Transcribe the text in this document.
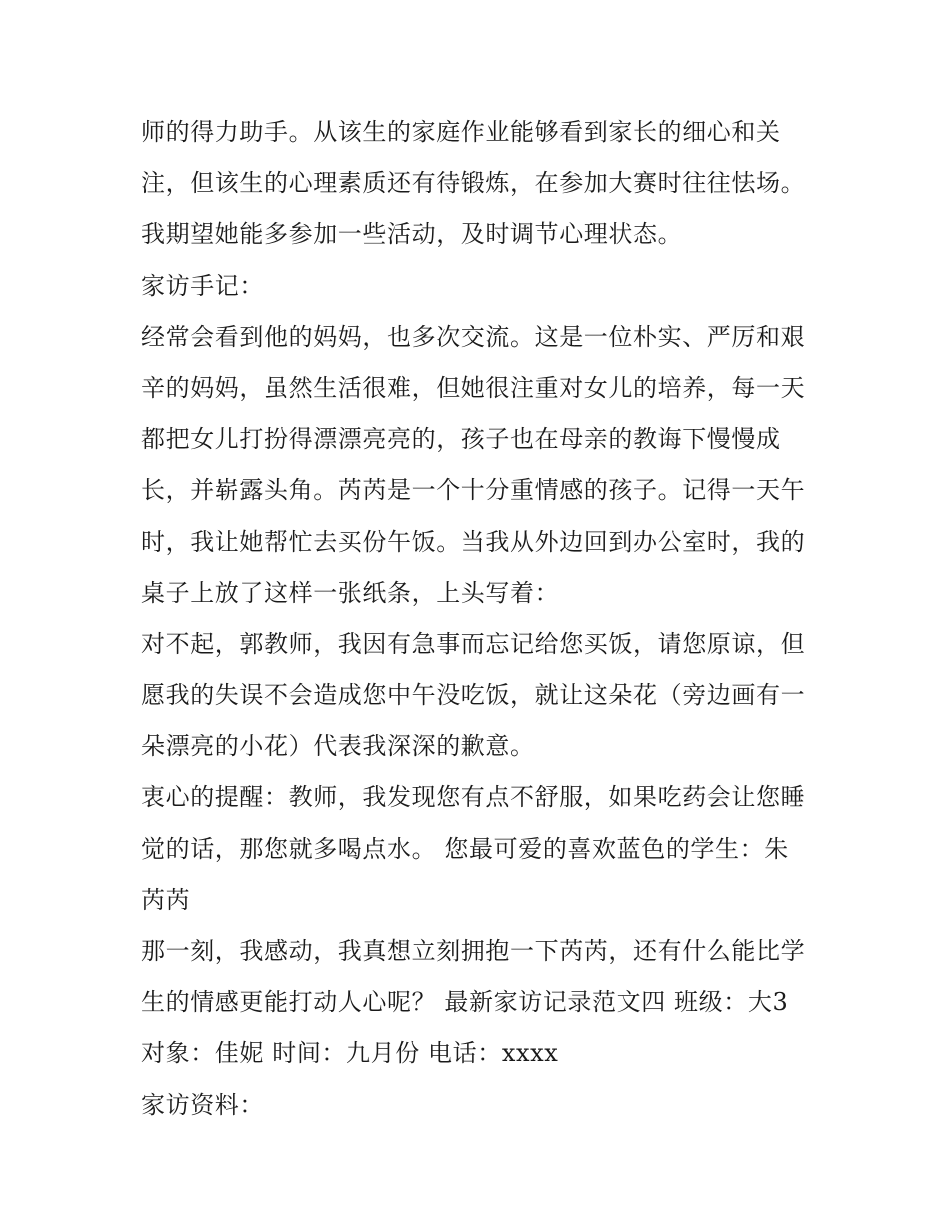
师的得力助手。从该生的家庭作业能够看到家长的细心和关
注，但该生的心理素质还有待锻炼，在参加大赛时往往怯场。
我期望她能多参加一些活动，及时调节心理状态。
家访手记：
经常会看到他的妈妈，也多次交流。这是一位朴实、严厉和艰
辛的妈妈，虽然生活很难，但她很注重对女儿的培养，每一天
都把女儿打扮得漂漂亮亮的，孩子也在母亲的教诲下慢慢成
长，并崭露头角。芮芮是一个十分重情感的孩子。记得一天午
时，我让她帮忙去买份午饭。当我从外边回到办公室时，我的
桌子上放了这样一张纸条，上头写着：
对不起，郭教师，我因有急事而忘记给您买饭，请您原谅，但
愿我的失误不会造成您中午没吃饭，就让这朵花（旁边画有一
朵漂亮的小花）代表我深深的歉意。
衷心的提醒：教师，我发现您有点不舒服，如果吃药会让您睡
觉的话，那您就多喝点水。 您最可爱的喜欢蓝色的学生：朱
芮芮
那一刻，我感动，我真想立刻拥抱一下芮芮，还有什么能比学
生的情感更能打动人心呢？ 最新家访记录范文四 班级：大3
对象：佳妮 时间：九月份 电话：xxxx
家访资料：
